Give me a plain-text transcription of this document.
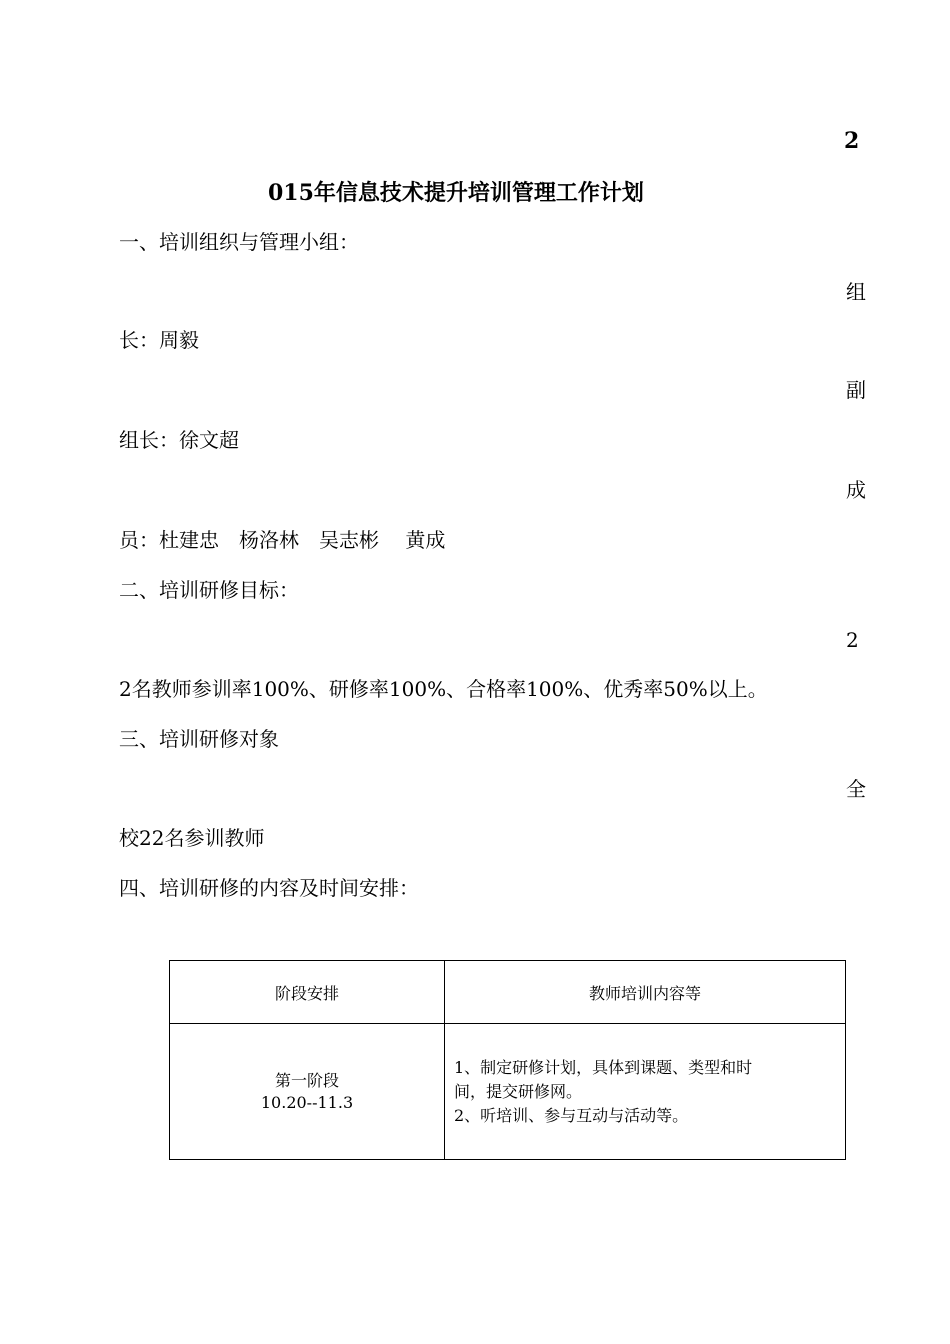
2
015年信息技术提升培训管理工作计划
一、培训组织与管理小组：
组
长：周毅
副
组长：徐文超
成
员：杜建忠　杨洛林　吴志彬　 黄成
二、培训研修目标：
2
2名教师参训率100%、研修率100%、合格率100%、优秀率50%以上。
三、培训研修对象
全
校22名参训教师
四、培训研修的内容及时间安排：
阶段安排	教师培训内容等

第一阶段
10.20--11.3	1、制定研修计划，具体到课题、类型和时
间，提交研修网。
2、听培训、参与互动与活动等。
